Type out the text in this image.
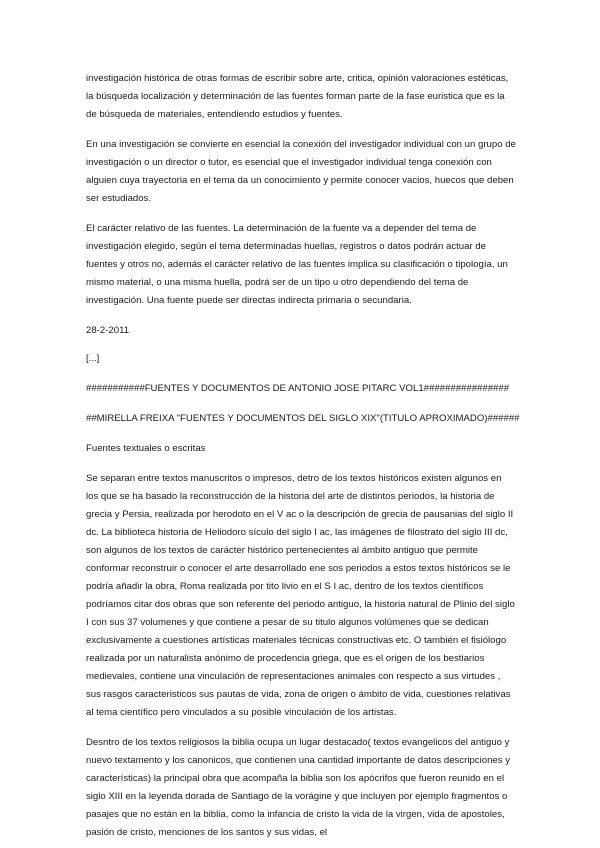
investigación histórica de otras formas de escribir sobre arte, critica, opinión valoraciones estéticas, la búsqueda localización y determinación de las fuentes forman parte de la fase euristica que es la de búsqueda de materiales, entendiendo estudios y fuentes.

En una investigación se convierte en esencial la conexión del investigador individual con un grupo de investigación o un director o tutor, es esencial que el investigador individual tenga conexión con alguien cuya trayectoria en el tema da un conocimiento y permite conocer vacios, huecos que deben ser estudiados.

El carácter relativo de las fuentes. La determinación de la fuente va a depender del tema de investigación elegido, según el tema determinadas huellas, registros o datos podrán actuar de fuentes y otros no, además el carácter relativo de las fuentes implica su clasificación o tipología, un mismo material, o una misma huella, podrá ser de un tipo u otro dependiendo del tema de investigación. Una fuente puede ser directas indirecta primaria o secundaria.

28-2-2011

[...]

###########FUENTES Y DOCUMENTOS DE ANTONIO JOSE PITARC VOL1################

##MIRELLA FREIXA "FUENTES Y DOCUMENTOS DEL SIGLO XIX"(TITULO APROXIMADO)######

Fuentes textuales o escritas

Se separan entre textos manuscritos o impresos, detro de los textos históricos existen algunos en los que se ha basado la reconstrucción de la historia del arte de distintos periodos, la historia de grecia y Persia, realizada por herodoto en el V ac o la descripción de grecia de pausanias del siglo II dc. La biblioteca historia de Heliodoro sículo del siglo I ac, las imágenes de filostrato del siglo III dc, son algunos de los textos de carácter histórico pertenecientes al ámbito antiguo que permite conformar reconstruir o conocer el arte desarrollado ene sos periodos a estos textos históricos se le podría añadir la obra, Roma realizada por tito livio en el S I ac, dentro de los textos científicos podríamos citar dos obras que son referente del periodo antiguo, la historia natural de Plinio del siglo I con sus 37 volumenes y que contiene a pesar de su titulo algunos volúmenes que se dedican exclusivamente a cuestiones artísticas materiales técnicas constructivas etc. O también el fisiólogo realizada por un naturalista anónimo de procedencia griega, que es el origen de los bestiarios medievales, contiene una vinculación de representaciones animales con respecto a sus virtudes , sus rasgos caracteristicos sus pautas de vida, zona de origen o ámbito de vida, cuestiones relativas al tema científico pero vinculados a su posible vinculación de los artistas.

Desntro de los textos religiosos la biblia ocupa un lugar destacado( textos evangelicos del antiguo y nuevo textamento y los canonicos, que contienen una cantidad importante de datos descripciones y características) la principal obra que acompaña la biblia son los apócrifos que fueron reunido en el siglo XIII en la leyenda dorada de Santiago de la vorágine y que incluyen por ejemplo fragmentos o pasajes que no están en la biblia, como la infancia de cristo la vida de la virgen, vida de apostoles, pasión de cristo, menciones de los santos y sus vidas, el
